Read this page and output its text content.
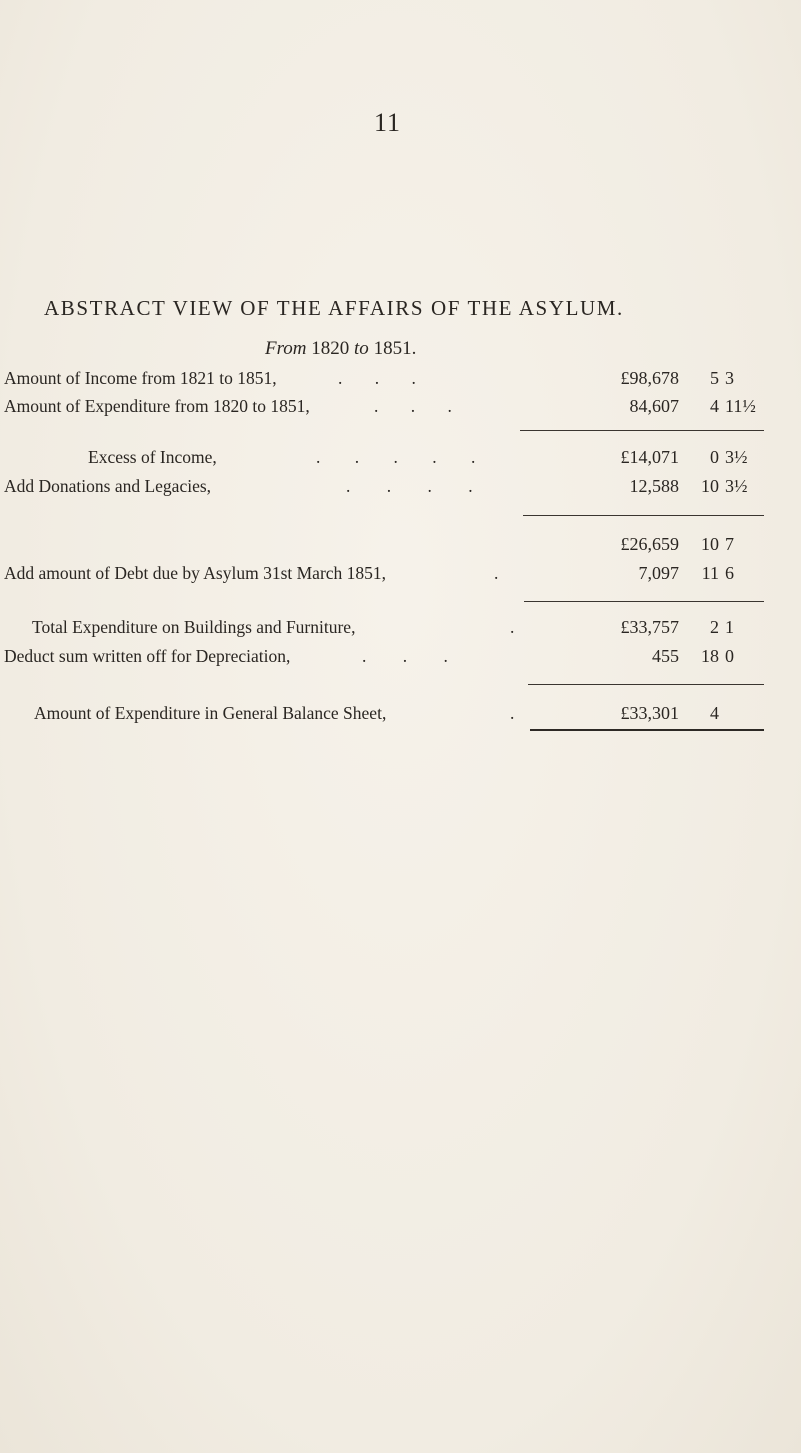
11
ABSTRACT VIEW OF THE AFFAIRS OF THE ASYLUM.
From 1820 to 1851.
Amount of Income from 1821 to 1851,	. . .	£98,678 5 3
Amount of Expenditure from 1820 to 1851,	. . .	84,607 4 11½
Excess of Income,	. . . . .	£14,071 0 3½
Add Donations and Legacies,	. . . .	12,588 10 3½
£26,659 10 7
Add amount of Debt due by Asylum 31st March 1851,	.	7,097 11 6
Total Expenditure on Buildings and Furniture,	.	£33,757 2 1
Deduct sum written off for Depreciation,	. . .	455 18 0
Amount of Expenditure in General Balance Sheet,	.	£33,301 4
